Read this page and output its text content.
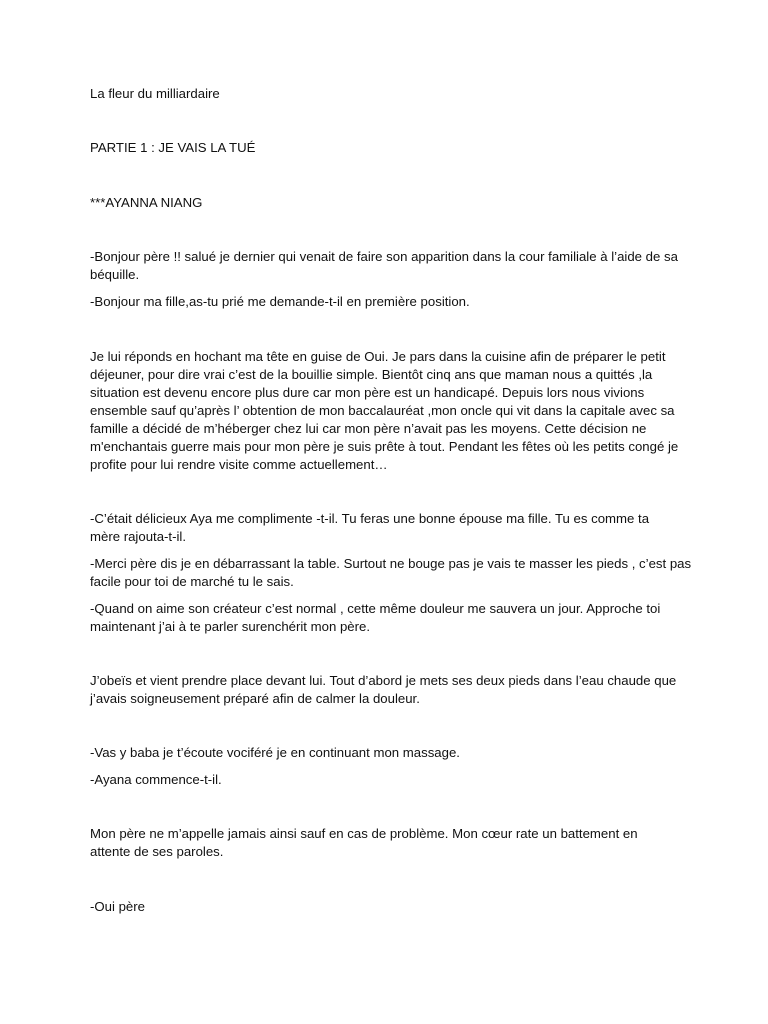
La fleur du milliardaire

PARTIE 1 : JE VAIS LA TUÉ

***AYANNA NIANG

-Bonjour père !! salué je dernier qui venait de faire son apparition dans la cour familiale à l’aide de sa

béquille.

-Bonjour ma fille,as-tu prié me demande-t-il en première position.

Je lui réponds en hochant ma tête en guise de Oui. Je pars dans la cuisine afin de préparer le petit

déjeuner, pour dire vrai c’est de la bouillie simple. Bientôt cinq ans que maman nous a quittés ,la

situation est devenu encore plus dure car mon père est un handicapé. Depuis lors nous vivions

ensemble sauf qu’après l’ obtention de mon baccalauréat ,mon oncle qui vit dans la capitale avec sa

famille a décidé de m’héberger chez lui car mon père n’avait pas les moyens. Cette décision ne

m'enchantais guerre mais pour mon père je suis prête à tout. Pendant les fêtes où les petits congé je

profite pour lui rendre visite comme actuellement…

-C’était délicieux Aya me complimente -t-il. Tu feras une bonne épouse ma fille. Tu es comme ta

mère rajouta-t-il.

-Merci père dis je en débarrassant la table. Surtout ne bouge pas je vais te masser les pieds , c’est pas

facile pour toi de marché tu le sais.

-Quand on aime son créateur c’est normal , cette même douleur me sauvera un jour. Approche toi

maintenant j’ai à te parler surenchérit mon père.

J’obeïs et vient prendre place devant lui. Tout d’abord je mets ses deux pieds dans l’eau chaude que

j’avais soigneusement préparé afin de calmer la douleur.

-Vas y baba je t’écoute vociféré je en continuant mon massage.

-Ayana commence-t-il.

Mon père ne m’appelle jamais ainsi sauf en cas de problème. Mon cœur rate un battement en

attente de ses paroles.

-Oui père
